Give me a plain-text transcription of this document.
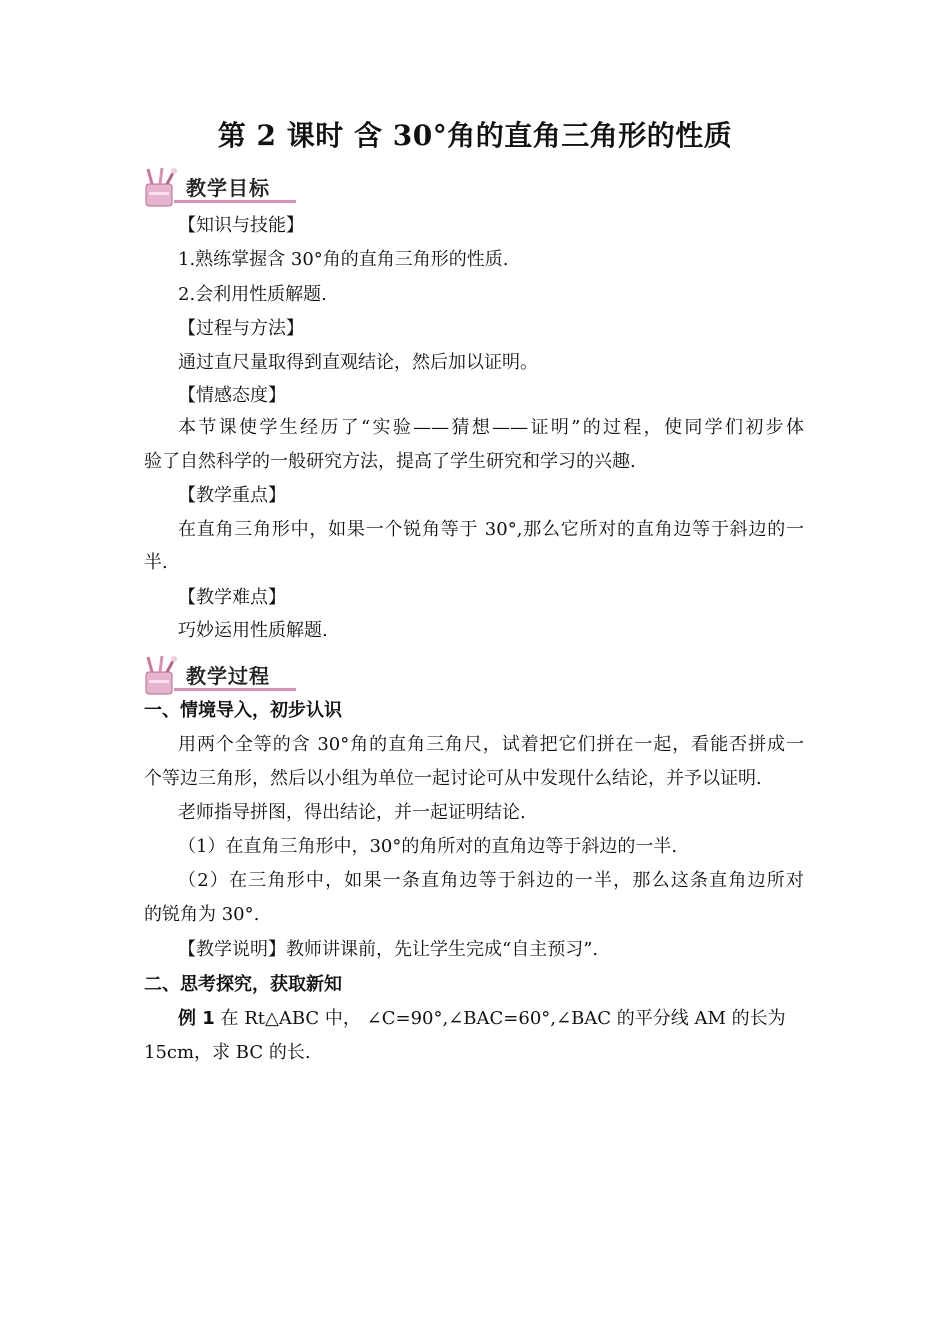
第 2 课时 含 30°角的直角三角形的性质
教学目标
【知识与技能】
1.熟练掌握含 30°角的直角三角形的性质.
2.会利用性质解题.
【过程与方法】
通过直尺量取得到直观结论，然后加以证明。
【情感态度】
本节课使学生经历了“实验——猜想——证明”的过程，使同学们初步体
验了自然科学的一般研究方法，提高了学生研究和学习的兴趣.
【教学重点】
在直角三角形中，如果一个锐角等于 30°,那么它所对的直角边等于斜边的一
半.
【教学难点】
巧妙运用性质解题.
教学过程
一、情境导入，初步认识
用两个全等的含 30°角的直角三角尺，试着把它们拼在一起，看能否拼成一
个等边三角形，然后以小组为单位一起讨论可从中发现什么结论，并予以证明.
老师指导拼图，得出结论，并一起证明结论.
（1）在直角三角形中，30°的角所对的直角边等于斜边的一半.
（2）在三角形中，如果一条直角边等于斜边的一半，那么这条直角边所对
的锐角为 30°.
【教学说明】教师讲课前，先让学生完成“自主预习”.
二、思考探究，获取新知
例 1 在 Rt△ABC 中， ∠C=90°,∠BAC=60°,∠BAC 的平分线 AM 的长为
15cm，求 BC 的长.
